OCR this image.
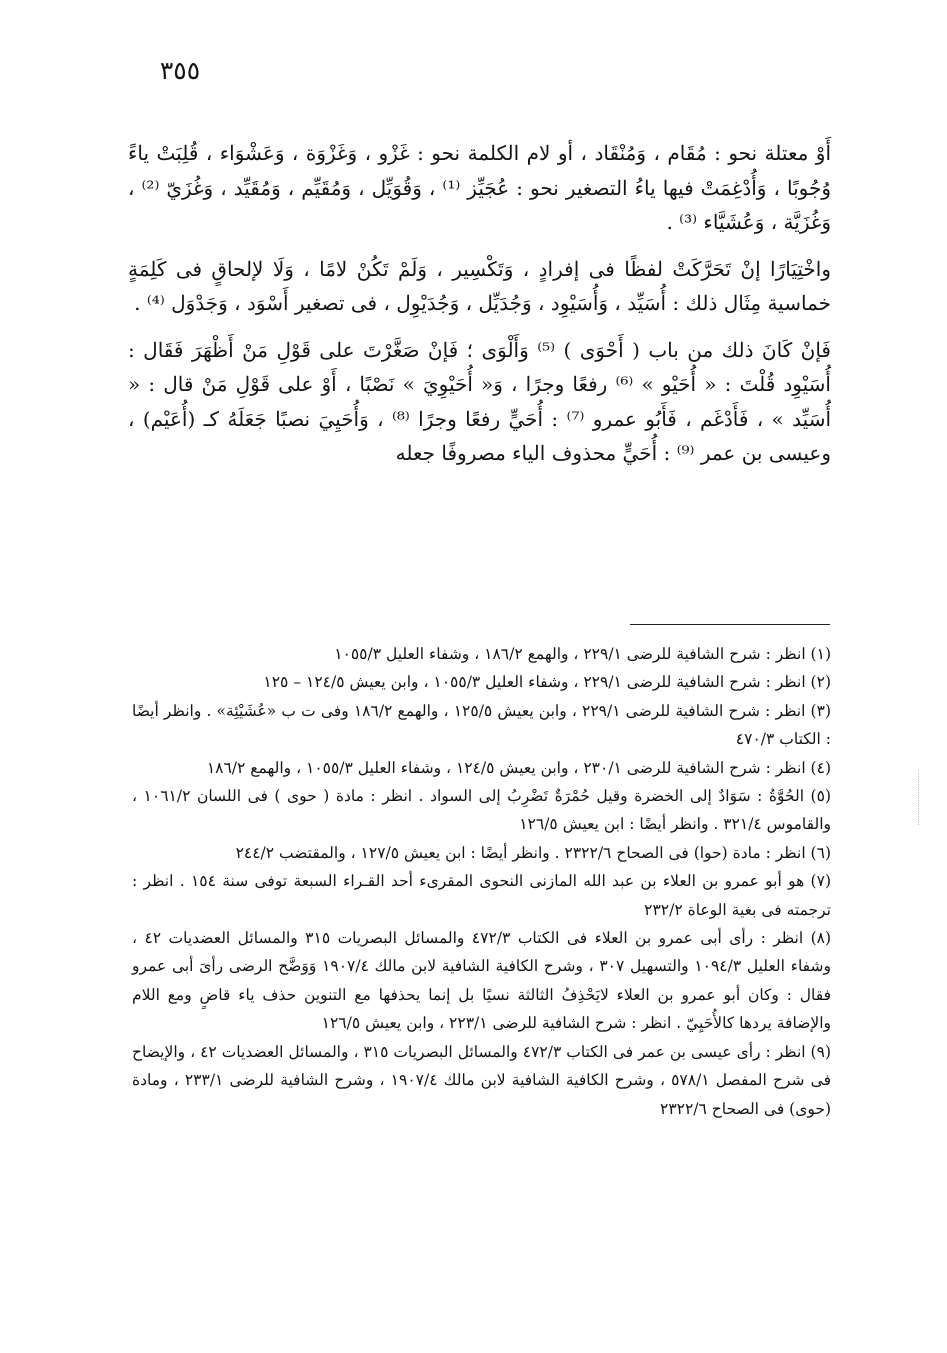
٣٥٥

أَوْ معتلة نحو : مُقَام ، وَمُنْقَاد ، أو لام الكلمة نحو : غَزْو ، وَغَزْوَة ، وَعَشْوَاء ، قُلِبَتْ ياءً وُجُوبًا ، وَأُدْغِمَتْ فيها ياءُ التصغير نحو : عُجَيِّز ⁽¹⁾ ، وَقُوَيِّل ، وَمُقَيِّم ، وَمُقَيِّد ، وَغُزَيّ ⁽²⁾ ، وَغُزَيَّة ، وَعُشَيَّاء ⁽³⁾ .

واخْتِيَارًا إنْ تَحَرَّكَتْ لفظًا فى إفرادٍ ، وَتَكْسِير ، وَلَمْ تَكُنْ لامًا ، وَلَا لإلحاقٍ فى كَلِمَةٍ خماسية مِثَال ذلك : أُسَيِّد ، وَأُسَيْوِد ، وَجُدَيِّل ، وَجُدَيْوِل ، فى تصغير أَسْوَد ، وَجَدْوَل ⁽⁴⁾ .

فَإنْ كَانَ ذلك من باب ( أَحْوَى ) ⁽⁵⁾ وَأَلْوَى ؛ فَإنْ صَغَّرْتَ على قَوْلِ مَنْ أَظْهَرَ فَقَال : أُسَيْوِد قُلْتَ : « أُحَيْو » ⁽⁶⁾ رفعًا وجرًا ، وَ« أُحَيْوِيَ » نَصْبًا ، أَوْ على قَوْلِ مَنْ قال : « أُسَيِّد » ، فَأَدْغَم ، فَأَبُو عمرو ⁽⁷⁾ : أُحَيٍّ رفعًا وجرًا ⁽⁸⁾ ، وَأُحَيِيَ نصبًا جَعَلَهُ كـ (أُعَيْم) ، وعيسى بن عمر ⁽⁹⁾ : أُحَيٍّ محذوف الياء مصروفًا جعله

(١) انظر : شرح الشافية للرضى ٢٢٩/١ ، والهمع ١٨٦/٢ ، وشفاء العليل ١٠٥٥/٣

(٢) انظر : شرح الشافية للرضى ٢٢٩/١ ، وشفاء العليل ١٠٥٥/٣ ، وابن يعيش ١٢٤/٥ – ١٢٥

(٣) انظر : شرح الشافية للرضى ٢٢٩/١ ، وابن يعيش ١٢٥/٥ ، والهمع ١٨٦/٢ وفى ت ب «عُشَيْئِة» . وانظر أيضًا : الكتاب ٤٧٠/٣

(٤) انظر : شرح الشافية للرضى ٢٣٠/١ ، وابن يعيش ١٢٤/٥ ، وشفاء العليل ١٠٥٥/٣ ، والهمع ١٨٦/٢

(٥) الحُوَّةُ : سَوَادٌ إلى الخضرة وقيل حُمْرَةٌ تَضْرِبُ إلى السواد . انظر : مادة ( حوى ) فى اللسان ١٠٦١/٢ ، والقاموس ٣٢١/٤ . وانظر أيضًا : ابن يعيش ١٢٦/٥

(٦) انظر : مادة (حوا) فى الصحاح ٢٣٢٢/٦ . وانظر أيضًا : ابن يعيش ١٢٧/٥ ، والمقتضب ٢٤٤/٢

(٧) هو أبو عمرو بن العلاء بن عبد الله المازنى النحوى المقرىء أحد القـراء السبعة توفى سنة ١٥٤ . انظر : ترجمته فى بغية الوعاة ٢٣٢/٢

(٨) انظر : رأى أبى عمرو بن العلاء فى الكتاب ٤٧٢/٣ والمسائل البصريات ٣١٥ والمسائل العضديات ٤٢ ، وشفاء العليل ١٠٩٤/٣ والتسهيل ٣٠٧ ، وشرح الكافية الشافية لابن مالك ١٩٠٧/٤ وَوَضَّح الرضى رأىَ أبى عمرو فقال : وكان أبو عمرو بن العلاء لايَحْذِفُ الثالثة نسيًا بل إنما يحذفها مع التنوين حذف ياء قاضٍ ومع اللام والإضافة يردها كالأُحَيِيّ . انظر : شرح الشافية للرضى ٢٢٣/١ ، وابن يعيش ١٢٦/٥

(٩) انظر : رأى عيسى بن عمر فى الكتاب ٤٧٢/٣ والمسائل البصريات ٣١٥ ، والمسائل العضديات ٤٢ ، والإيضاح فى شرح المفصل ٥٧٨/١ ، وشرح الكافية الشافية لابن مالك ١٩٠٧/٤ ، وشرح الشافية للرضى ٢٣٣/١ ، ومادة (حوى) فى الصحاح ٢٣٢٢/٦
